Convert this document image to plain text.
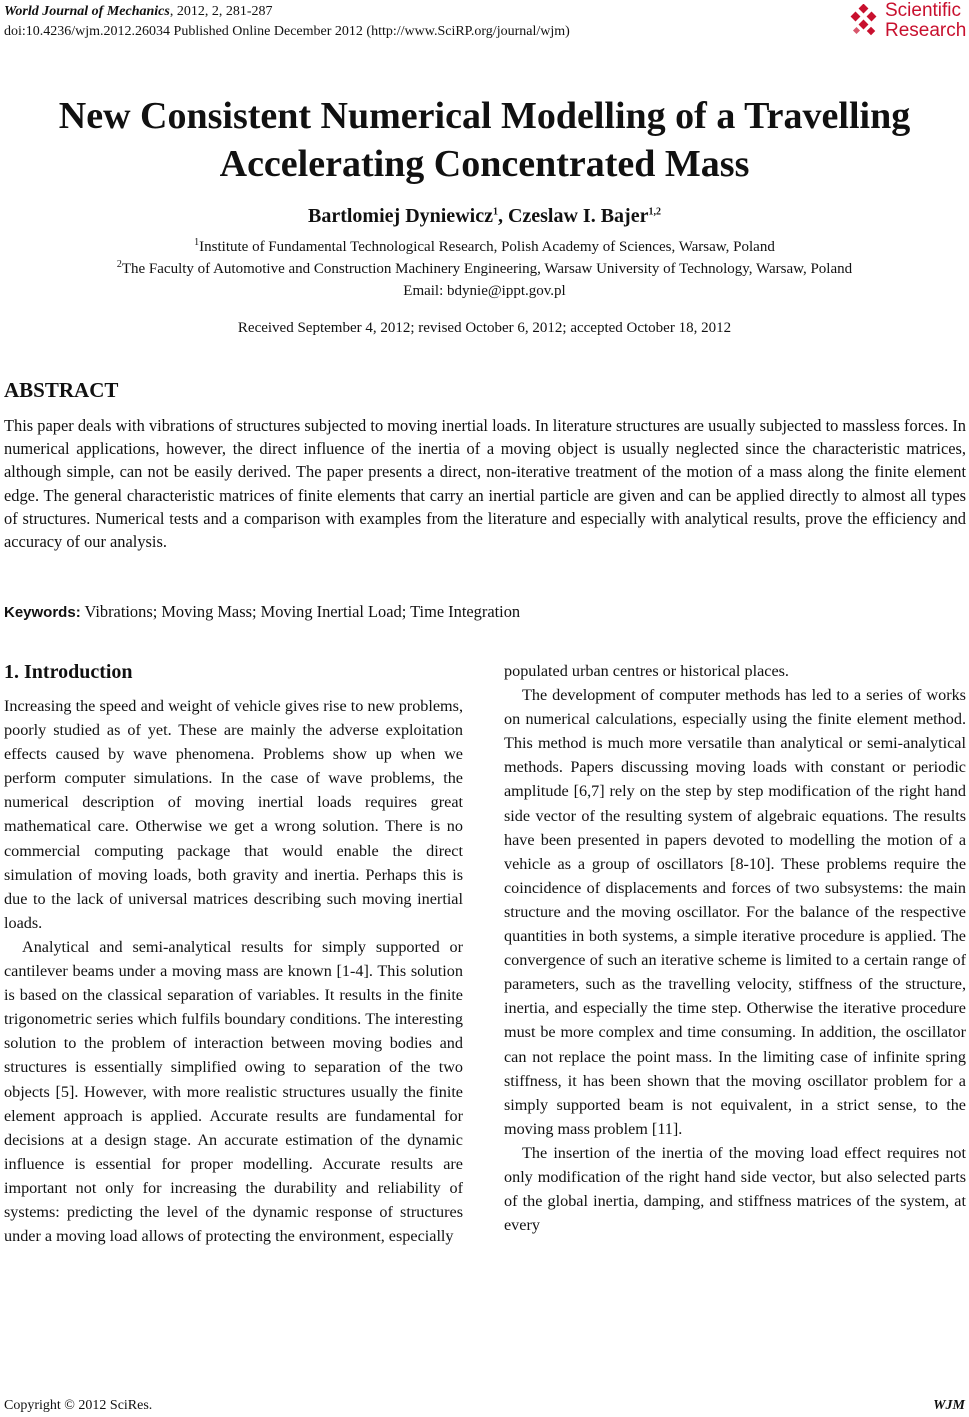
World Journal of Mechanics, 2012, 2, 281-287
doi:10.4236/wjm.2012.26034 Published Online December 2012 (http://www.SciRP.org/journal/wjm)
Scientific
Research
New Consistent Numerical Modelling of a Travelling
Accelerating Concentrated Mass
Bartlomiej Dyniewicz$^1$, Czeslaw I. Bajer$^{1,2}$
$^1$Institute of Fundamental Technological Research, Polish Academy of Sciences, Warsaw, Poland
$^2$The Faculty of Automotive and Construction Machinery Engineering, Warsaw University of Technology, Warsaw, Poland
Email: bdynie@ippt.gov.pl
Received September 4, 2012; revised October 6, 2012; accepted October 18, 2012
ABSTRACT
This paper deals with vibrations of structures subjected to moving inertial loads. In literature structures are usually subjected to massless forces. In numerical applications, however, the direct influence of the inertia of a moving object is usually neglected since the characteristic matrices, although simple, can not be easily derived. The paper presents a direct, non-iterative treatment of the motion of a mass along the finite element edge. The general characteristic matrices of finite elements that carry an inertial particle are given and can be applied directly to almost all types of structures. Numerical tests and a comparison with examples from the literature and especially with analytical results, prove the efficiency and accuracy of our analysis.
Keywords: Vibrations; Moving Mass; Moving Inertial Load; Time Integration
1. Introduction

Increasing the speed and weight of vehicle gives rise to new problems, poorly studied as of yet. These are mainly the adverse exploitation effects caused by wave phenomena. Problems show up when we perform computer simulations. In the case of wave problems, the numerical description of moving inertial loads requires great mathematical care. Otherwise we get a wrong solution. There is no commercial computing package that would enable the direct simulation of moving loads, both gravity and inertia. Perhaps this is due to the lack of universal matrices describing such moving inertial loads.

Analytical and semi-analytical results for simply supported or cantilever beams under a moving mass are known [1-4]. This solution is based on the classical separation of variables. It results in the finite trigonometric series which fulfils boundary conditions. The interesting solution to the problem of interaction between moving bodies and structures is essentially simplified owing to separation of the two objects [5]. However, with more realistic structures usually the finite element approach is applied. Accurate results are fundamental for decisions at a design stage. An accurate estimation of the dynamic influence is essential for proper modelling. Accurate results are important not only for increasing the durability and reliability of systems: predicting the level of the dynamic response of structures under a moving load allows of protecting the environment, especially

populated urban centres or historical places.

The development of computer methods has led to a series of works on numerical calculations, especially using the finite element method. This method is much more versatile than analytical or semi-analytical methods. Papers discussing moving loads with constant or periodic amplitude [6,7] rely on the step by step modification of the right hand side vector of the resulting system of algebraic equations. The results have been presented in papers devoted to modelling the motion of a vehicle as a group of oscillators [8-10]. These problems require the coincidence of displacements and forces of two subsystems: the main structure and the moving oscillator. For the balance of the respective quantities in both systems, a simple iterative procedure is applied. The convergence of such an iterative scheme is limited to a certain range of parameters, such as the travelling velocity, stiffness of the structure, inertia, and especially the time step. Otherwise the iterative procedure must be more complex and time consuming. In addition, the oscillator can not replace the point mass. In the limiting case of infinite spring stiffness, it has been shown that the moving oscillator problem for a simply supported beam is not equivalent, in a strict sense, to the moving mass problem [11].

The insertion of the inertia of the moving load effect requires not only modification of the right hand side vector, but also selected parts of the global inertia, damping, and stiffness matrices of the system, at every

Copyright © 2012 SciRes.	WJM
